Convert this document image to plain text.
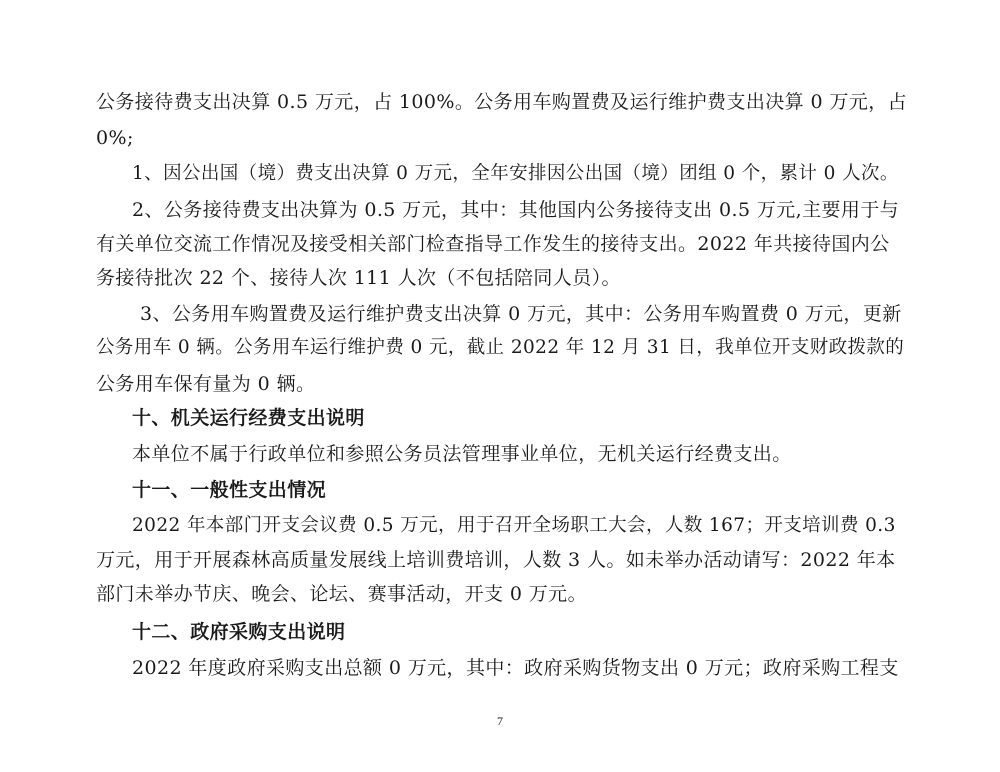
公务接待费支出决算 0.5 万元，占 100%。公务用车购置费及运行维护费支出决算 0 万元，占
0%;
1、因公出国（境）费支出决算 0 万元，全年安排因公出国（境）团组 0 个，累计 0 人次。
2、公务接待费支出决算为 0.5 万元，其中：其他国内公务接待支出 0.5 万元,主要用于与
有关单位交流工作情况及接受相关部门检查指导工作发生的接待支出。2022 年共接待国内公
务接待批次 22 个、接待人次 111 人次（不包括陪同人员）。
3、公务用车购置费及运行维护费支出决算 0 万元，其中：公务用车购置费 0 万元，更新
公务用车 0 辆。公务用车运行维护费 0 元，截止 2022 年 12 月 31 日，我单位开支财政拨款的
公务用车保有量为 0 辆。
十、机关运行经费支出说明
本单位不属于行政单位和参照公务员法管理事业单位，无机关运行经费支出。
十一、一般性支出情况
2022 年本部门开支会议费 0.5 万元，用于召开全场职工大会，人数 167；开支培训费 0.3
万元，用于开展森林高质量发展线上培训费培训，人数 3 人。如未举办活动请写：2022 年本
部门未举办节庆、晚会、论坛、赛事活动，开支 0 万元。
十二、政府采购支出说明
2022 年度政府采购支出总额 0 万元，其中：政府采购货物支出 0 万元；政府采购工程支
7
